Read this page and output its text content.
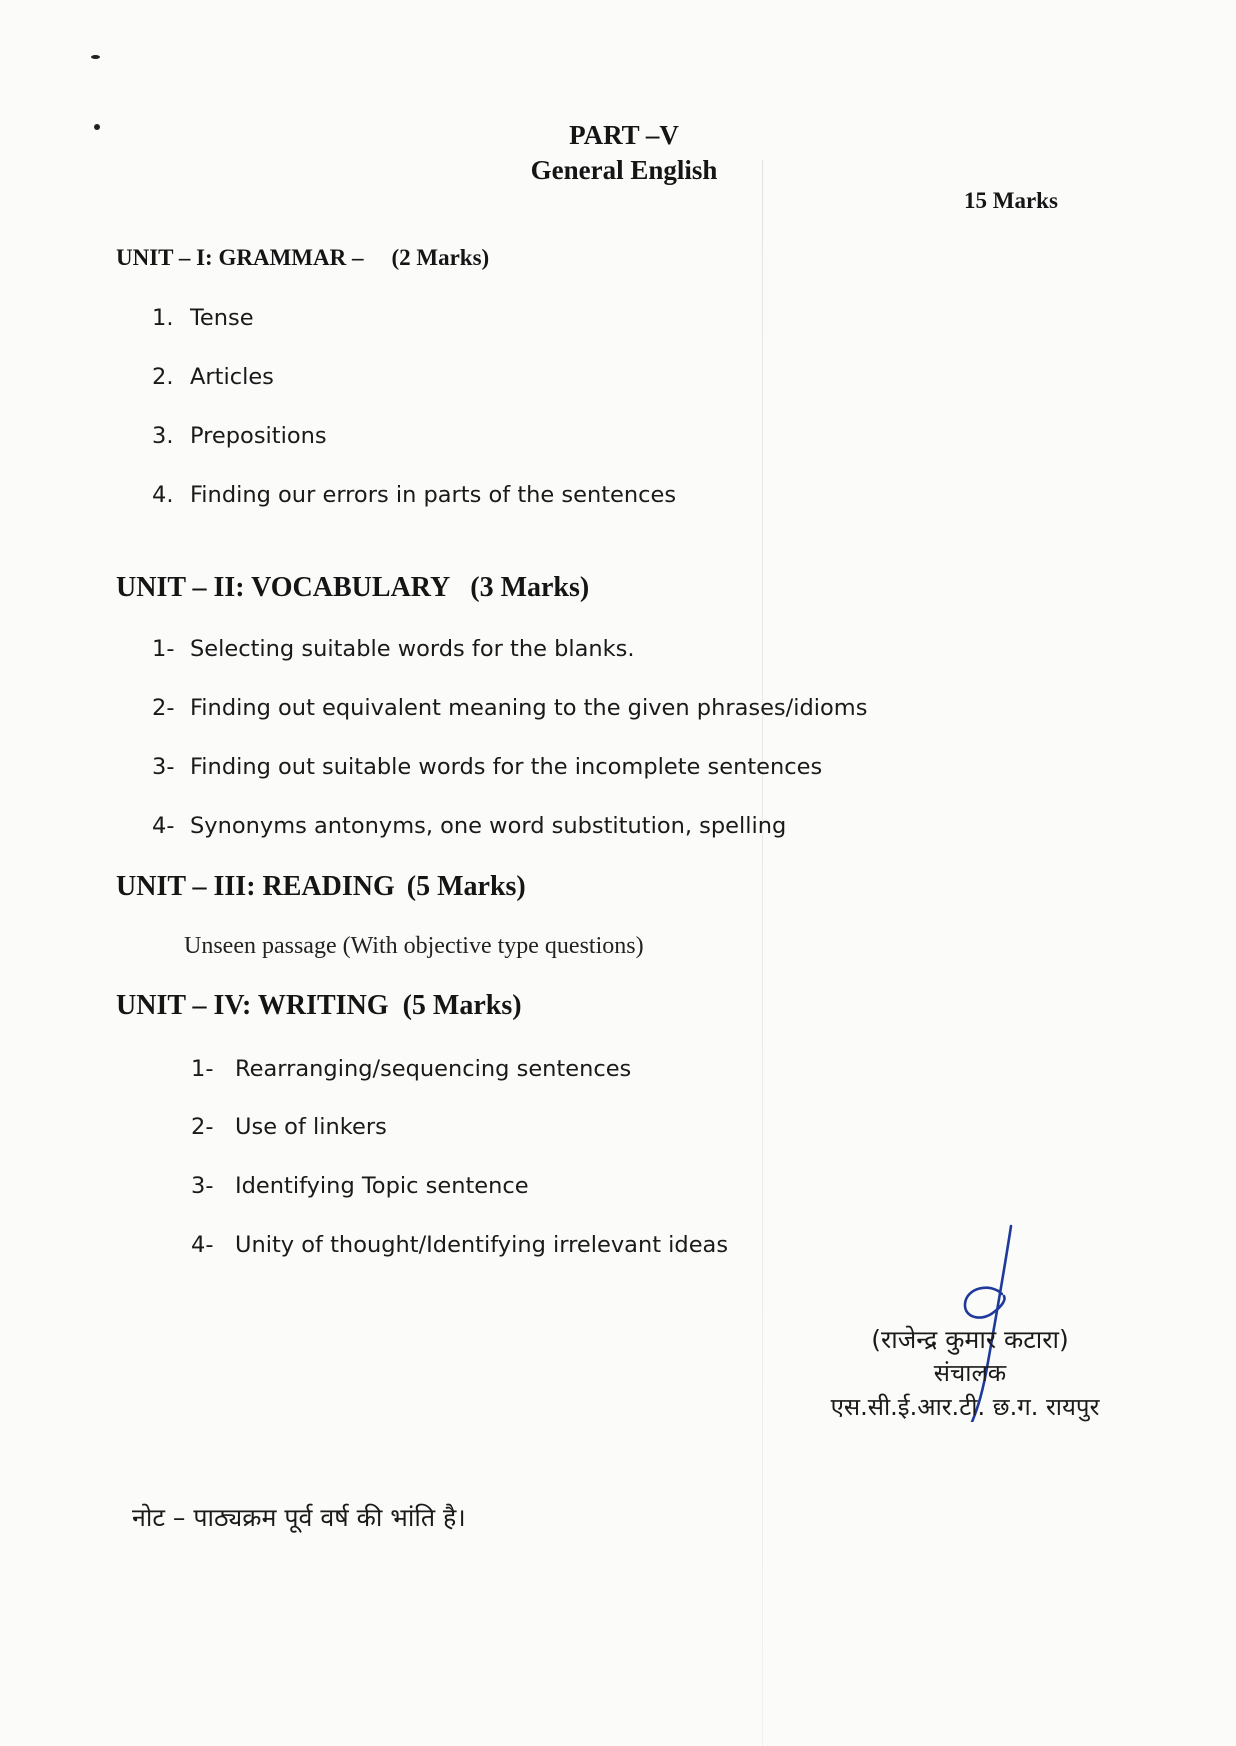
PART –V
General English
15 Marks
UNIT – I: GRAMMAR – (2 Marks)
1. Tense
2. Articles
3. Prepositions
4. Finding our errors in parts of the sentences
UNIT – II: VOCABULARY (3 Marks)
1- Selecting suitable words for the blanks.
2- Finding out equivalent meaning to the given phrases/idioms
3- Finding out suitable words for the incomplete sentences
4- Synonyms antonyms, one word substitution, spelling
UNIT – III: READING (5 Marks)
Unseen passage (With objective type questions)
UNIT – IV: WRITING (5 Marks)
1- Rearranging/sequencing sentences
2- Use of linkers
3- Identifying Topic sentence
4- Unity of thought/Identifying irrelevant ideas
(राजेन्द्र कुमार कटारा)
संचालक
एस.सी.ई.आर.टी. छ.ग. रायपुर
नोट – पाठ्यक्रम पूर्व वर्ष की भांति है।
